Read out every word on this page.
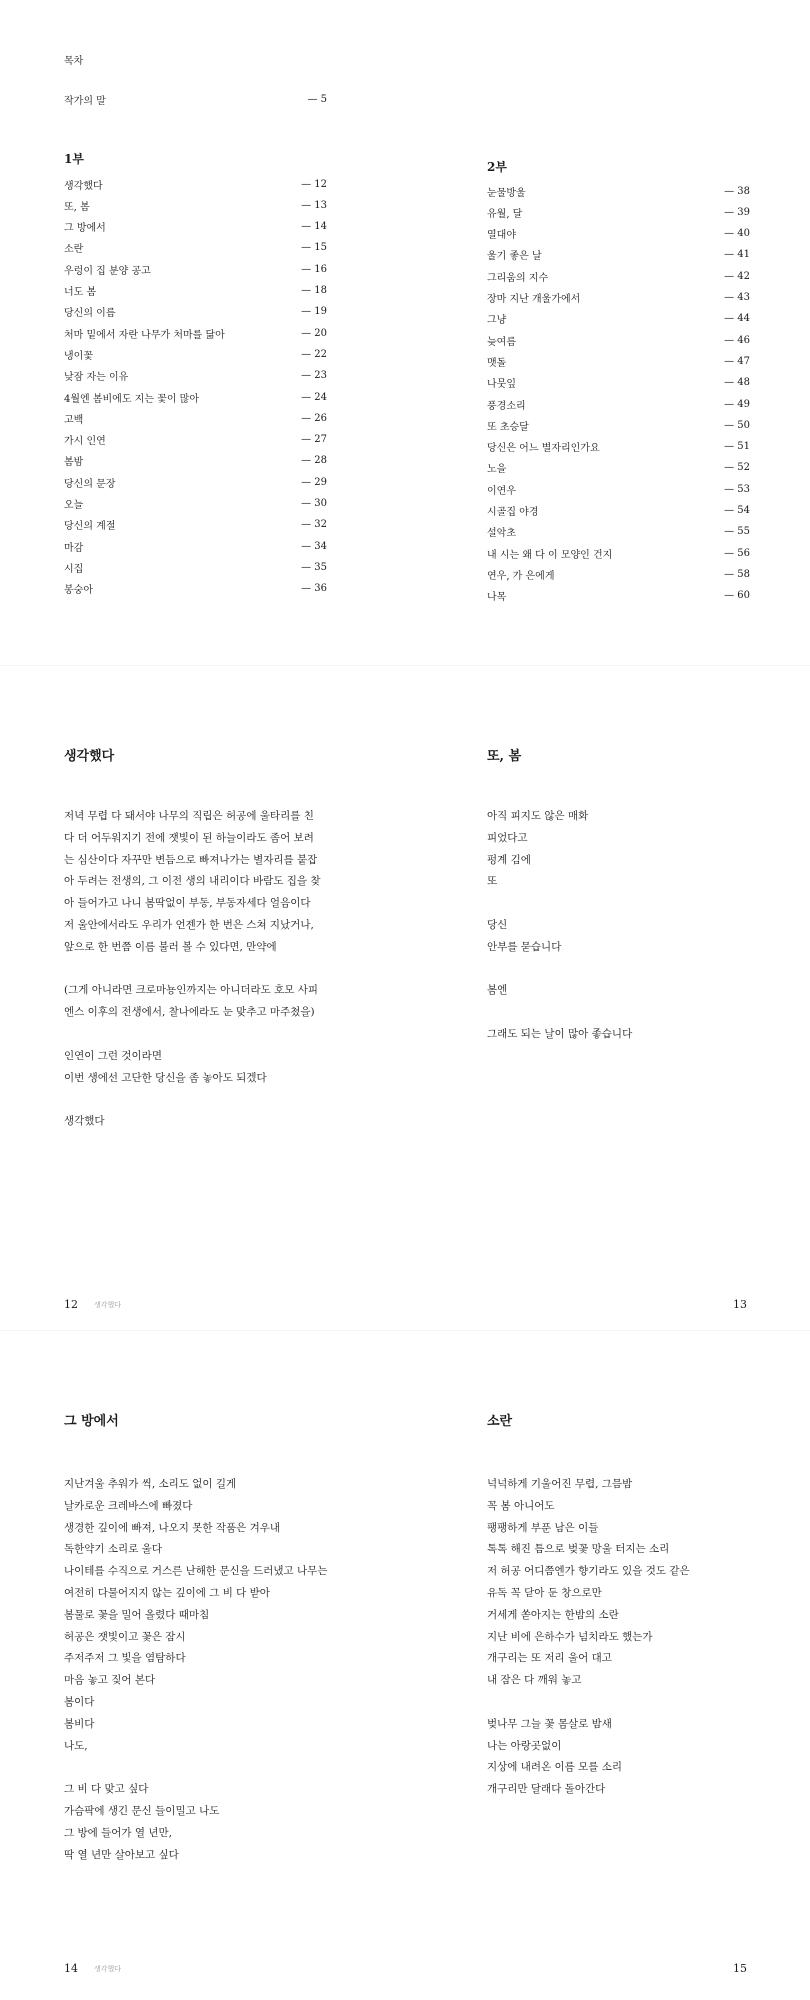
목차
작가의 말	— 5
1부
생각했다	— 12
또, 봄	— 13
그 방에서	— 14
소란	— 15
우렁이 집 분양 공고	— 16
너도 봄	— 18
당신의 이름	— 19
처마 밑에서 자란 나무가 처마를 닮아	— 20
냉이꽃	— 22
낮잠 자는 이유	— 23
4월엔 봄비에도 지는 꽃이 많아	— 24
고백	— 26
가시 인연	— 27
봄밤	— 28
당신의 문장	— 29
오늘	— 30
당신의 계절	— 32
마감	— 34
시집	— 35
봉숭아	— 36
2부
눈물방울	— 38
유월, 달	— 39
열대야	— 40
울기 좋은 날	— 41
그리움의 지수	— 42
장마 지난 개울가에서	— 43
그냥	— 44
늦여름	— 46
맷돌	— 47
나뭇잎	— 48
풍경소리	— 49
또 초승달	— 50
당신은 어느 별자리인가요	— 51
노을	— 52
이연우	— 53
시골집 야경	— 54
설악초	— 55
내 시는 왜 다 이 모양인 건지	— 56
연우, 가 은에게	— 58
나목	— 60
생각했다
저녁 무렵 다 돼서야 나무의 직립은 허공에 울타리를 친
다 더 어두워지기 전에 잿빛이 된 하늘이라도 좀어 보려
는 심산이다 자꾸만 변듬으로 빠져나가는 별자리를 붙잡
아 두려는 전생의, 그 이전 생의 내리이다 바람도 집을 찾
아 들어가고 나니 봄딱없이 부동, 부동자세다 얼음이다
저 울안에서라도 우리가 언젠가 한 번은 스쳐 지났거나,
앞으로 한 번쯤 이름 불러 볼 수 있다면, 만약에
(그게 아니라면 크로마뇽인까지는 아니더라도 호모 사피
엔스 이후의 전생에서, 찰나에라도 눈 맞추고 마주쳤을)
인연이 그런 것이라면
이번 생에선 고단한 당신을 좀 놓아도 되겠다
생각했다
12 생각했다
또, 봄
아직 피지도 않은 매화
피었다고
펑계 김에
또
당신
안부를 묻습니다
봄엔
그래도 되는 날이 많아 좋습니다
13
그 방에서
지난겨울 추워가 씩, 소리도 없이 길게
날카로운 크레바스에 빠졌다
생경한 깊이에 빠져, 나오지 못한 작품은 겨우내
독한약기 소리로 울다
나이테를 수직으로 거스른 난해한 문신을 드러냈고 나무는
여전히 다물어지지 않는 깊이에 그 비 다 받아
봄물로 꽃을 밀어 올렸다 때마침
허공은 잿빛이고 꽃은 잠시
주저주저 그 빛을 염탐하다
마음 놓고 짖어 본다
봄이다
봄비다
나도,
그 비 다 맞고 싶다
가슴팍에 생긴 문신 들이밀고 나도
그 방에 들어가 열 년만,
딱 열 년만 살아보고 싶다
14 생각했다
소란
넉넉하게 기울어진 무렵, 그믐밤
꼭 봄 아니어도
팽팽하게 부푼 남은 이들
톡톡 해진 틈으로 벚꽃 망울 터지는 소리
저 허공 어디쯤엔가 향기라도 있을 것도 같은
유독 꼭 닫아 둔 창으로만
거세게 쏟아지는 한밤의 소란
지난 비에 은하수가 넘치라도 했는가
개구리는 또 저리 울어 대고
내 잠은 다 깨워 놓고
벚나무 그늘 꽃 몸살로 밤새
나는 아랑곳없이
지상에 내려온 이름 모를 소리
개구리만 달래다 돌아간다
15
